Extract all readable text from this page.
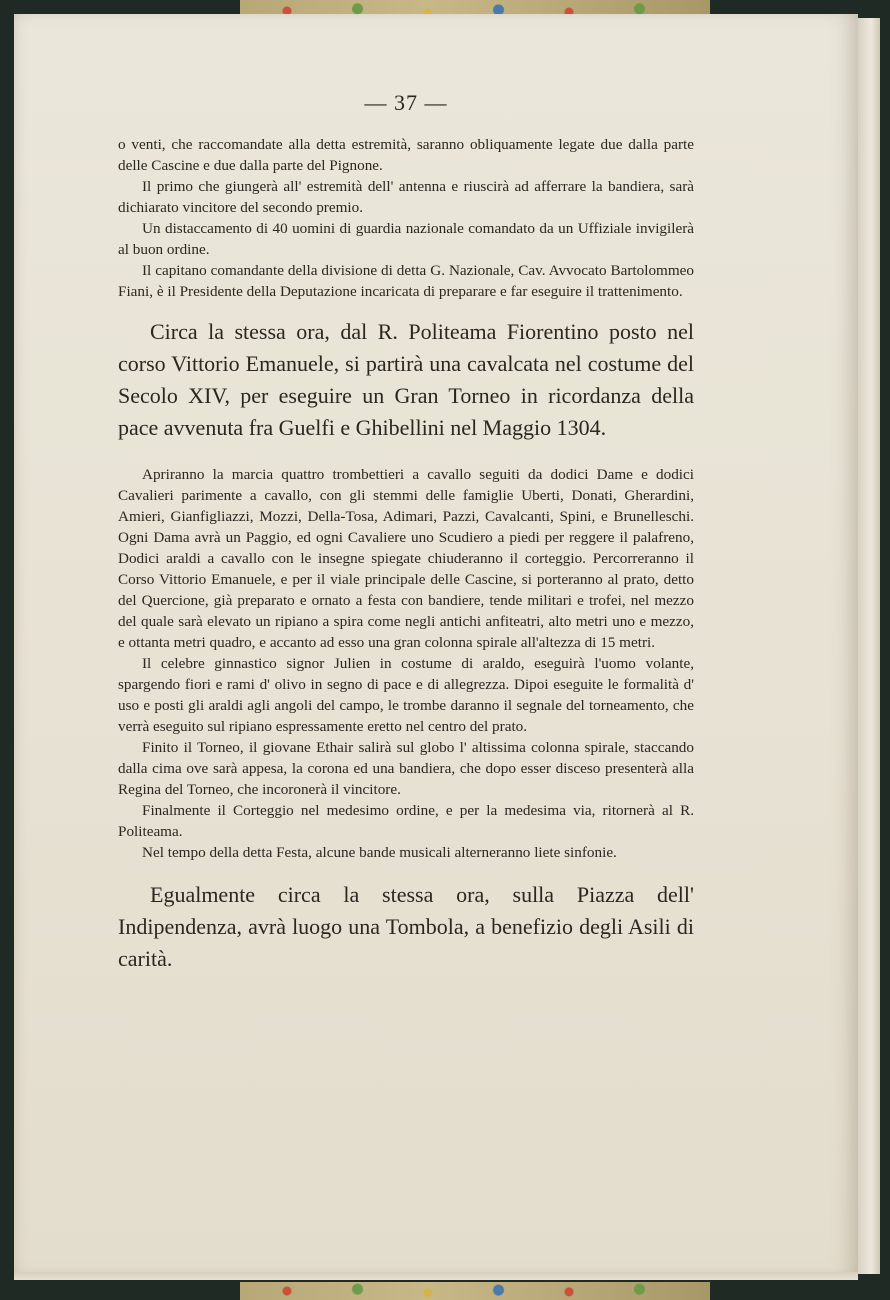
— 37 —

o venti, che raccomandate alla detta estremità, saranno obliquamente legate due dalla parte delle Cascine e due dalla parte del Pignone.

Il primo che giungerà all' estremità dell' antenna e riuscirà ad afferrare la bandiera, sarà dichiarato vincitore del secondo premio.

Un distaccamento di 40 uomini di guardia nazionale comandato da un Uffiziale invigilerà al buon ordine.

Il capitano comandante della divisione di detta G. Nazionale, Cav. Avvocato Bartolommeo Fiani, è il Presidente della Deputazione incaricata di preparare e far eseguire il trattenimento.

Circa la stessa ora, dal R. Politeama Fiorentino posto nel corso Vittorio Emanuele, si partirà una cavalcata nel costume del Secolo XIV, per eseguire un Gran Torneo in ricordanza della pace avvenuta fra Guelfi e Ghibellini nel Maggio 1304.

Apriranno la marcia quattro trombettieri a cavallo seguiti da dodici Dame e dodici Cavalieri parimente a cavallo, con gli stemmi delle famiglie Uberti, Donati, Gherardini, Amieri, Gianfigliazzi, Mozzi, Della-Tosa, Adimari, Pazzi, Cavalcanti, Spini, e Brunelleschi. Ogni Dama avrà un Paggio, ed ogni Cavaliere uno Scudiero a piedi per reggere il palafreno, Dodici araldi a cavallo con le insegne spiegate chiuderanno il corteggio. Percorreranno il Corso Vittorio Emanuele, e per il viale principale delle Cascine, si porteranno al prato, detto del Quercione, già preparato e ornato a festa con bandiere, tende militari e trofei, nel mezzo del quale sarà elevato un ripiano a spira come negli antichi anfiteatri, alto metri uno e mezzo, e ottanta metri quadro, e accanto ad esso una gran colonna spirale all'altezza di 15 metri.

Il celebre ginnastico signor Julien in costume di araldo, eseguirà l'uomo volante, spargendo fiori e rami d' olivo in segno di pace e di allegrezza. Dipoi eseguite le formalità d' uso e posti gli araldi agli angoli del campo, le trombe daranno il segnale del torneamento, che verrà eseguito sul ripiano espressamente eretto nel centro del prato.

Finito il Torneo, il giovane Ethair salirà sul globo l' altissima colonna spirale, staccando dalla cima ove sarà appesa, la corona ed una bandiera, che dopo esser disceso presenterà alla Regina del Torneo, che incoronerà il vincitore.

Finalmente il Corteggio nel medesimo ordine, e per la medesima via, ritornerà al R. Politeama.

Nel tempo della detta Festa, alcune bande musicali alterneranno liete sinfonie.

Egualmente circa la stessa ora, sulla Piazza dell' Indipendenza, avrà luogo una Tombola, a benefizio degli Asili di carità.
